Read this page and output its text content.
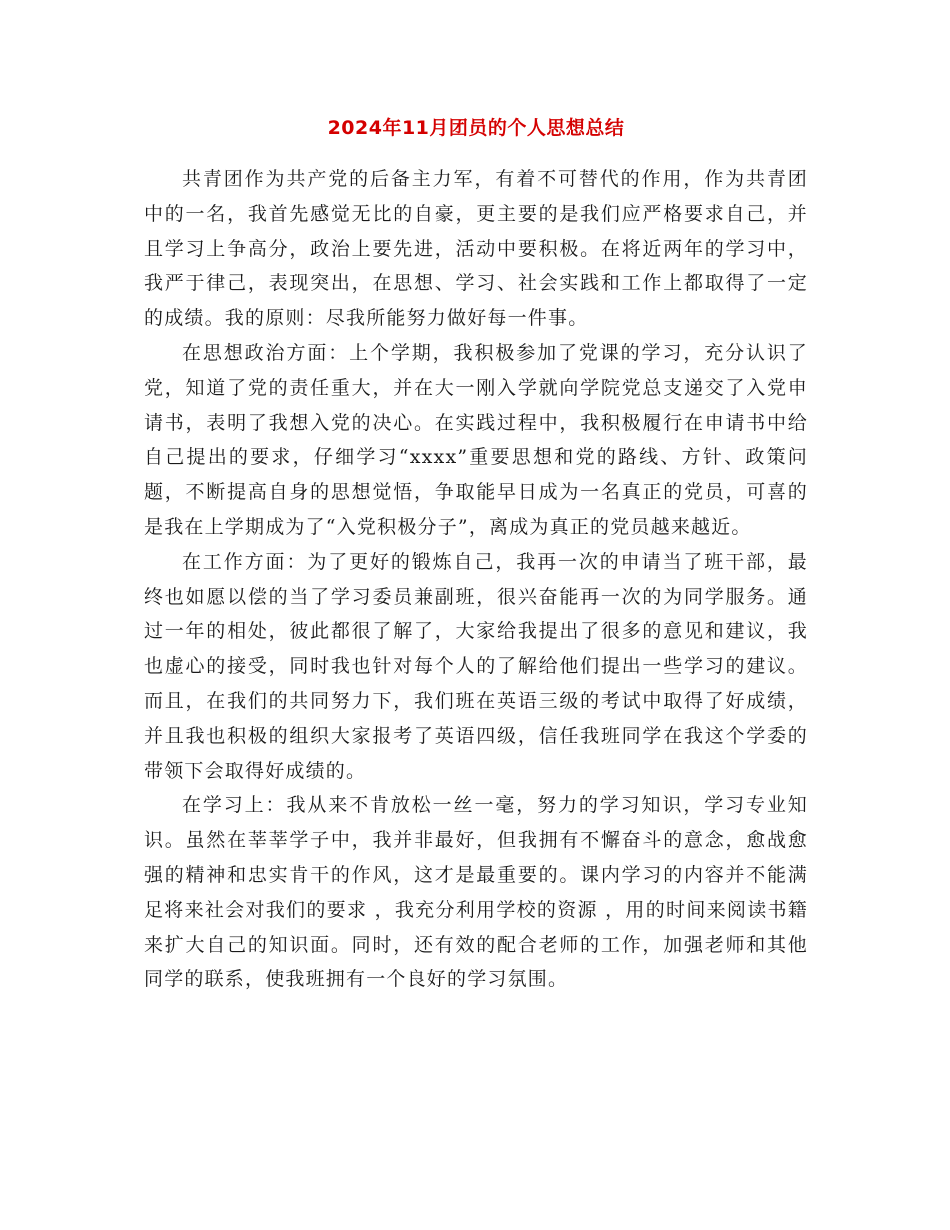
2024年11月团员的个人思想总结

共青团作为共产党的后备主力军，有着不可替代的作用，作为共青团中的一名，我首先感觉无比的自豪，更主要的是我们应严格要求自己，并且学习上争高分，政治上要先进，活动中要积极。在将近两年的学习中，我严于律己，表现突出，在思想、学习、社会实践和工作上都取得了一定的成绩。我的原则：尽我所能努力做好每一件事。

在思想政治方面：上个学期，我积极参加了党课的学习，充分认识了党，知道了党的责任重大，并在大一刚入学就向学院党总支递交了入党申请书，表明了我想入党的决心。在实践过程中，我积极履行在申请书中给自己提出的要求，仔细学习“xxxx”重要思想和党的路线、方针、政策问题，不断提高自身的思想觉悟，争取能早日成为一名真正的党员，可喜的是我在上学期成为了“入党积极分子”，离成为真正的党员越来越近。

在工作方面：为了更好的锻炼自己，我再一次的申请当了班干部，最终也如愿以偿的当了学习委员兼副班，很兴奋能再一次的为同学服务。通过一年的相处，彼此都很了解了，大家给我提出了很多的意见和建议，我也虚心的接受，同时我也针对每个人的了解给他们提出一些学习的建议。而且，在我们的共同努力下，我们班在英语三级的考试中取得了好成绩，并且我也积极的组织大家报考了英语四级，信任我班同学在我这个学委的带领下会取得好成绩的。

在学习上：我从来不肯放松一丝一毫，努力的学习知识，学习专业知识。虽然在莘莘学子中，我并非最好，但我拥有不懈奋斗的意念，愈战愈强的精神和忠实肯干的作风，这才是最重要的。课内学习的内容并不能满足将来社会对我们的要求 ，我充分利用学校的资源 ，用的时间来阅读书籍来扩大自己的知识面。同时，还有效的配合老师的工作，加强老师和其他同学的联系，使我班拥有一个良好的学习氛围。
